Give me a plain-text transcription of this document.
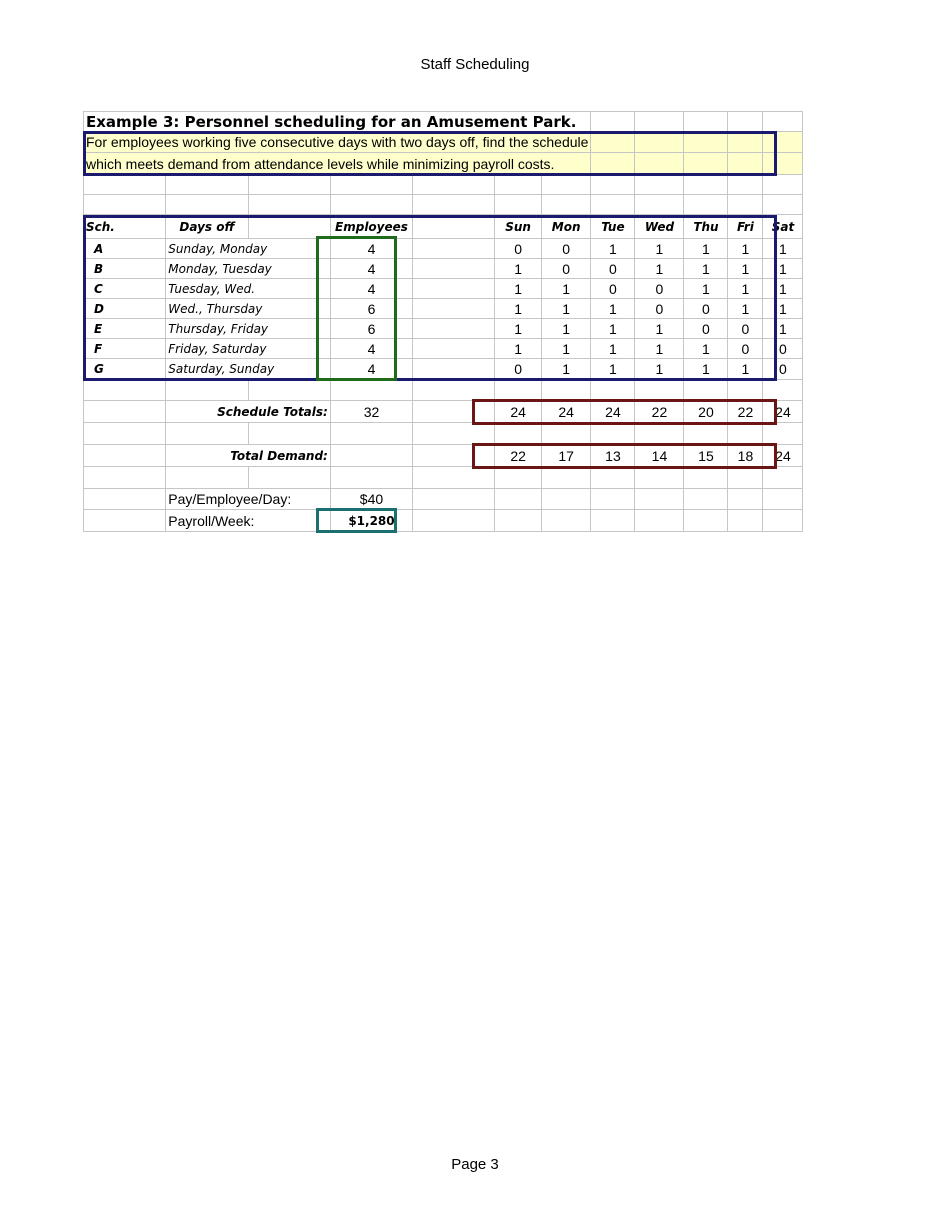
Staff Scheduling
Example 3: Personnel scheduling for an Amusement Park.											
For employees working five consecutive days with two days off, find the schedule											
which meets demand from attendance levels while minimizing payroll costs.											

Sch.	Days off		Employees		Sun	Mon	Tue	Wed	Thu	Fri	Sat
A	Sunday, Monday		4		0	0	1	1	1	1	1
B	Monday, Tuesday		4		1	0	0	1	1	1	1
C	Tuesday, Wed.		4		1	1	0	0	1	1	1
D	Wed., Thursday		6		1	1	1	0	0	1	1
E	Thursday, Friday		6		1	1	1	1	0	0	1
F	Friday, Saturday		4		1	1	1	1	1	0	0
G	Saturday, Sunday		4		0	1	1	1	1	1	0

	Schedule Totals:		32		24	24	24	22	20	22	24

	Total Demand:				22	17	13	14	15	18	24

	Pay/Employee/Day:		$40								
	Payroll/Week:		$1,280								
Page 3
